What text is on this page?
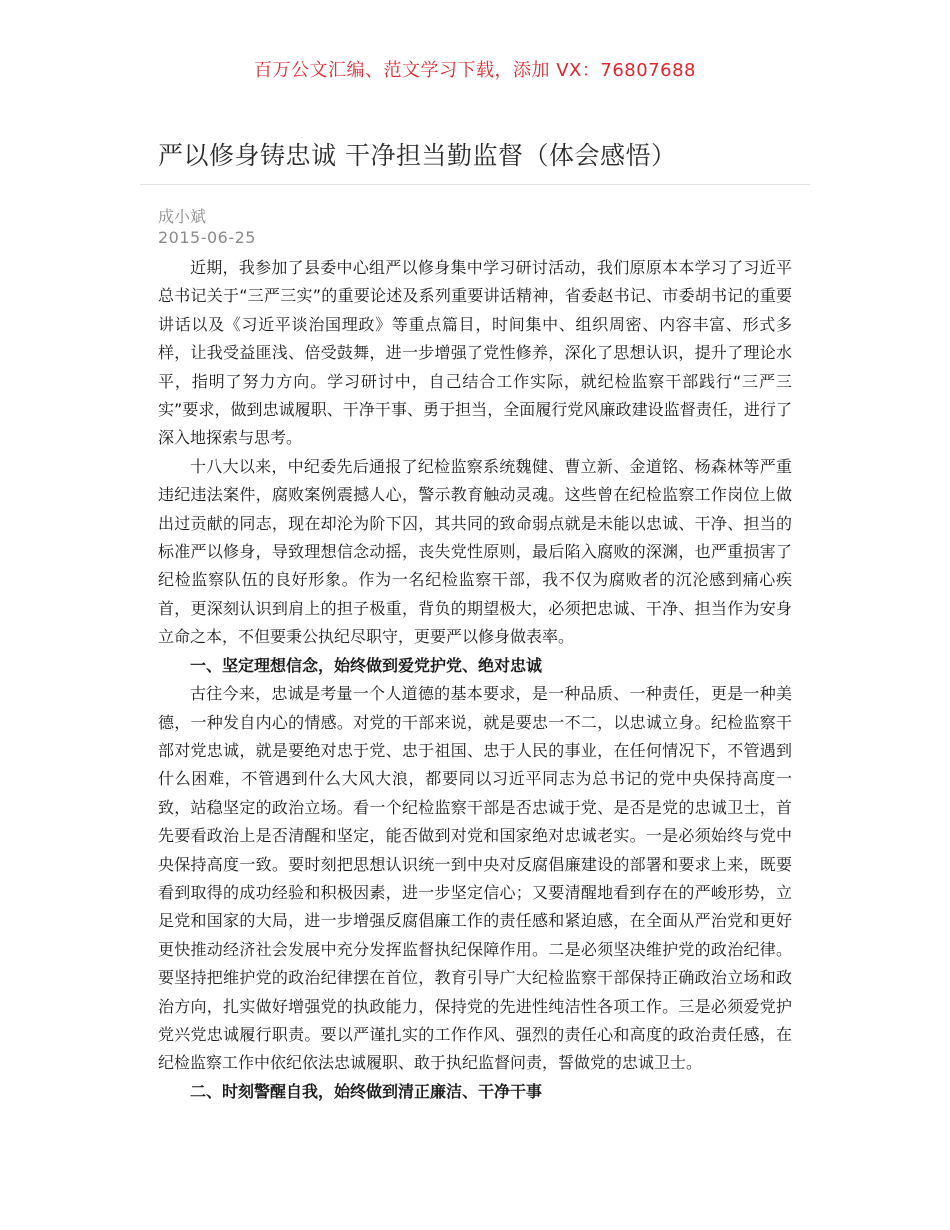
百万公文汇编、范文学习下载，添加 VX：76807688
严以修身铸忠诚 干净担当勤监督（体会感悟）
成小斌
2015-06-25

近期，我参加了县委中心组严以修身集中学习研讨活动，我们原原本本学习了习近平总书记关于“三严三实”的重要论述及系列重要讲话精神，省委赵书记、市委胡书记的重要讲话以及《习近平谈治国理政》等重点篇目，时间集中、组织周密、内容丰富、形式多样，让我受益匪浅、倍受鼓舞，进一步增强了党性修养，深化了思想认识，提升了理论水平，指明了努力方向。学习研讨中，自己结合工作实际，就纪检监察干部践行“三严三实”要求，做到忠诚履职、干净干事、勇于担当，全面履行党风廉政建设监督责任，进行了深入地探索与思考。

十八大以来，中纪委先后通报了纪检监察系统魏健、曹立新、金道铭、杨森林等严重违纪违法案件，腐败案例震撼人心，警示教育触动灵魂。这些曾在纪检监察工作岗位上做出过贡献的同志，现在却沦为阶下囚，其共同的致命弱点就是未能以忠诚、干净、担当的标准严以修身，导致理想信念动摇，丧失党性原则，最后陷入腐败的深渊，也严重损害了纪检监察队伍的良好形象。作为一名纪检监察干部，我不仅为腐败者的沉沦感到痛心疾首，更深刻认识到肩上的担子极重，背负的期望极大，必须把忠诚、干净、担当作为安身立命之本，不但要秉公执纪尽职守，更要严以修身做表率。

一、坚定理想信念，始终做到爱党护党、绝对忠诚

古往今来，忠诚是考量一个人道德的基本要求，是一种品质、一种责任，更是一种美德，一种发自内心的情感。对党的干部来说，就是要忠一不二，以忠诚立身。纪检监察干部对党忠诚，就是要绝对忠于党、忠于祖国、忠于人民的事业，在任何情况下，不管遇到什么困难，不管遇到什么大风大浪，都要同以习近平同志为总书记的党中央保持高度一致，站稳坚定的政治立场。看一个纪检监察干部是否忠诚于党、是否是党的忠诚卫士，首先要看政治上是否清醒和坚定，能否做到对党和国家绝对忠诚老实。一是必须始终与党中央保持高度一致。要时刻把思想认识统一到中央对反腐倡廉建设的部署和要求上来，既要看到取得的成功经验和积极因素，进一步坚定信心；又要清醒地看到存在的严峻形势，立足党和国家的大局，进一步增强反腐倡廉工作的责任感和紧迫感，在全面从严治党和更好更快推动经济社会发展中充分发挥监督执纪保障作用。二是必须坚决维护党的政治纪律。要坚持把维护党的政治纪律摆在首位，教育引导广大纪检监察干部保持正确政治立场和政治方向，扎实做好增强党的执政能力，保持党的先进性纯洁性各项工作。三是必须爱党护党兴党忠诚履行职责。要以严谨扎实的工作作风、强烈的责任心和高度的政治责任感，在纪检监察工作中依纪依法忠诚履职、敢于执纪监督问责，誓做党的忠诚卫士。

二、时刻警醒自我，始终做到清正廉洁、干净干事
